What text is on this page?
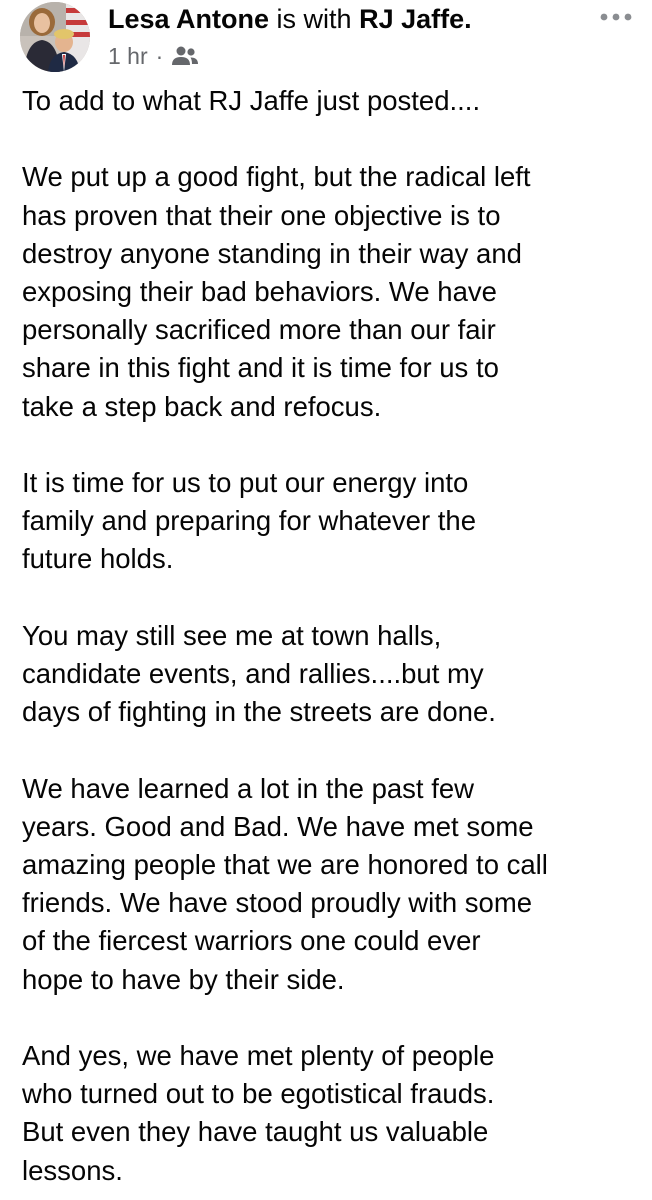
Lesa Antone is with RJ Jaffe.
1 hr ·

To add to what RJ Jaffe just posted....

We put up a good fight, but the radical left
has proven that their one objective is to
destroy anyone standing in their way and
exposing their bad behaviors. We have
personally sacrificed more than our fair
share in this fight and it is time for us to
take a step back and refocus.

It is time for us to put our energy into
family and preparing for whatever the
future holds.

You may still see me at town halls,
candidate events, and rallies....but my
days of fighting in the streets are done.

We have learned a lot in the past few
years. Good and Bad. We have met some
amazing people that we are honored to call
friends. We have stood proudly with some
of the fiercest warriors one could ever
hope to have by their side.

And yes, we have met plenty of people
who turned out to be egotistical frauds.
But even they have taught us valuable
lessons.
